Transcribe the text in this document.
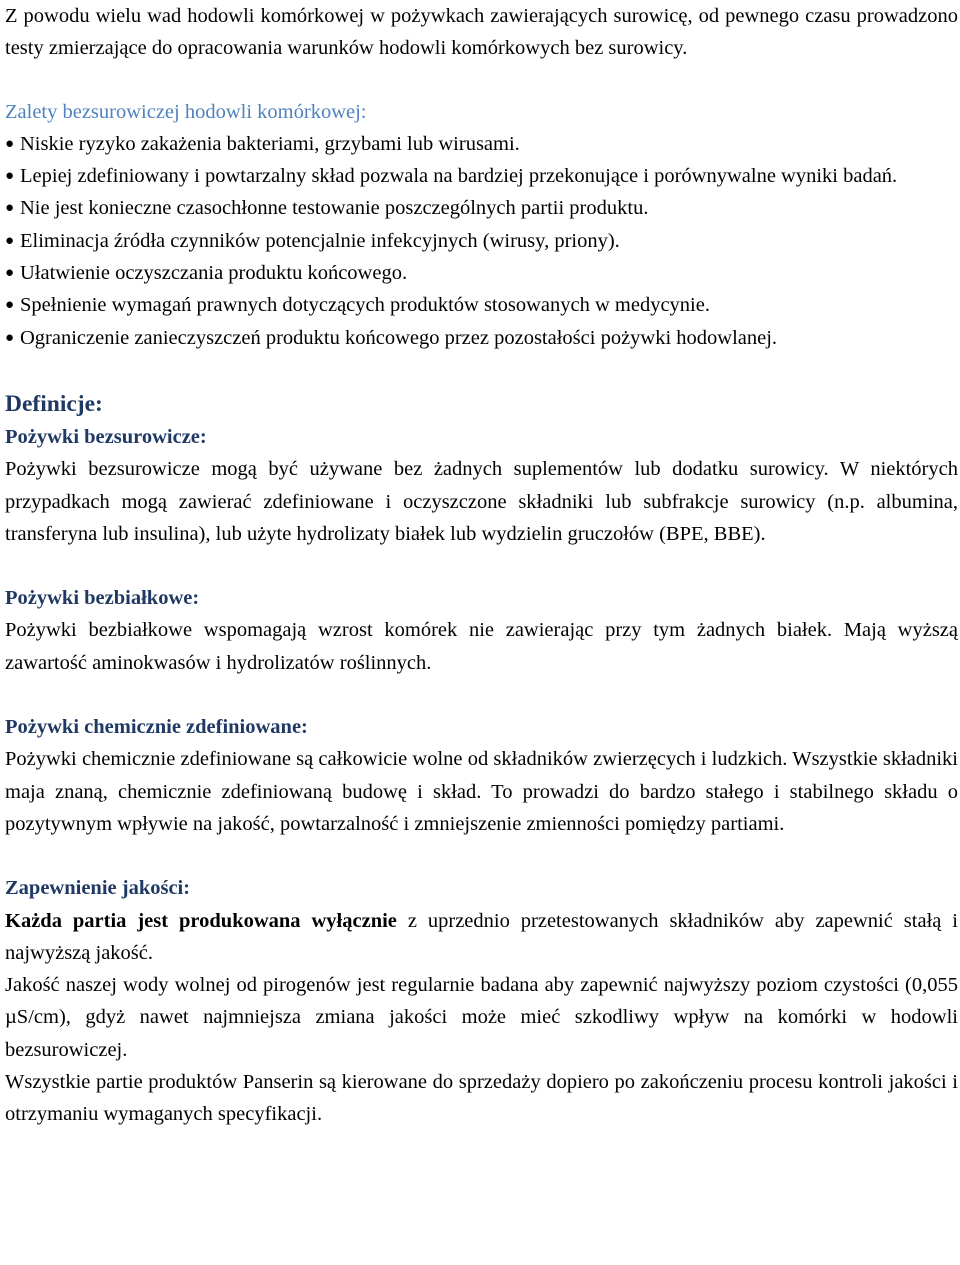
Z powodu wielu wad hodowli komórkowej w pożywkach zawierających surowicę, od pewnego czasu prowadzono testy zmierzające do opracowania warunków hodowli komórkowych bez surowicy.

Zalety bezsurowiczej hodowli komórkowej:

● Niskie ryzyko zakażenia bakteriami, grzybami lub wirusami.
● Lepiej zdefiniowany i powtarzalny skład pozwala na bardziej przekonujące i porównywalne wyniki badań.
● Nie jest konieczne czasochłonne testowanie poszczególnych partii produktu.
● Eliminacja źródła czynników potencjalnie infekcyjnych (wirusy, priony).
● Ułatwienie oczyszczania produktu końcowego.
● Spełnienie wymagań prawnych dotyczących produktów stosowanych w medycynie.
● Ograniczenie zanieczyszczeń produktu końcowego przez pozostałości pożywki hodowlanej.

Definicje:

Pożywki bezsurowicze:

Pożywki bezsurowicze mogą być używane bez żadnych suplementów lub dodatku surowicy. W niektórych przypadkach mogą zawierać zdefiniowane i oczyszczone składniki lub subfrakcje surowicy (n.p. albumina, transferyna lub insulina), lub użyte hydrolizaty białek lub wydzielin gruczołów (BPE, BBE).

Pożywki bezbiałkowe:

Pożywki bezbiałkowe wspomagają wzrost komórek nie zawierając przy tym żadnych białek. Mają wyższą zawartość aminokwasów i hydrolizatów roślinnych.

Pożywki chemicznie zdefiniowane:

Pożywki chemicznie zdefiniowane są całkowicie wolne od składników zwierzęcych i ludzkich. Wszystkie składniki maja znaną, chemicznie zdefiniowaną budowę i skład. To prowadzi do bardzo stałego i stabilnego składu o pozytywnym wpływie na jakość, powtarzalność i zmniejszenie zmienności pomiędzy partiami.

Zapewnienie jakości:

Każda partia jest produkowana wyłącznie z uprzednio przetestowanych składników aby zapewnić stałą i najwyższą jakość.

Jakość naszej wody wolnej od pirogenów jest regularnie badana aby zapewnić najwyższy poziom czystości (0,055 µS/cm), gdyż nawet najmniejsza zmiana jakości może mieć szkodliwy wpływ na komórki w hodowli bezsurowiczej.

Wszystkie partie produktów Panserin są kierowane do sprzedaży dopiero po zakończeniu procesu kontroli jakości i otrzymaniu wymaganych specyfikacji.
